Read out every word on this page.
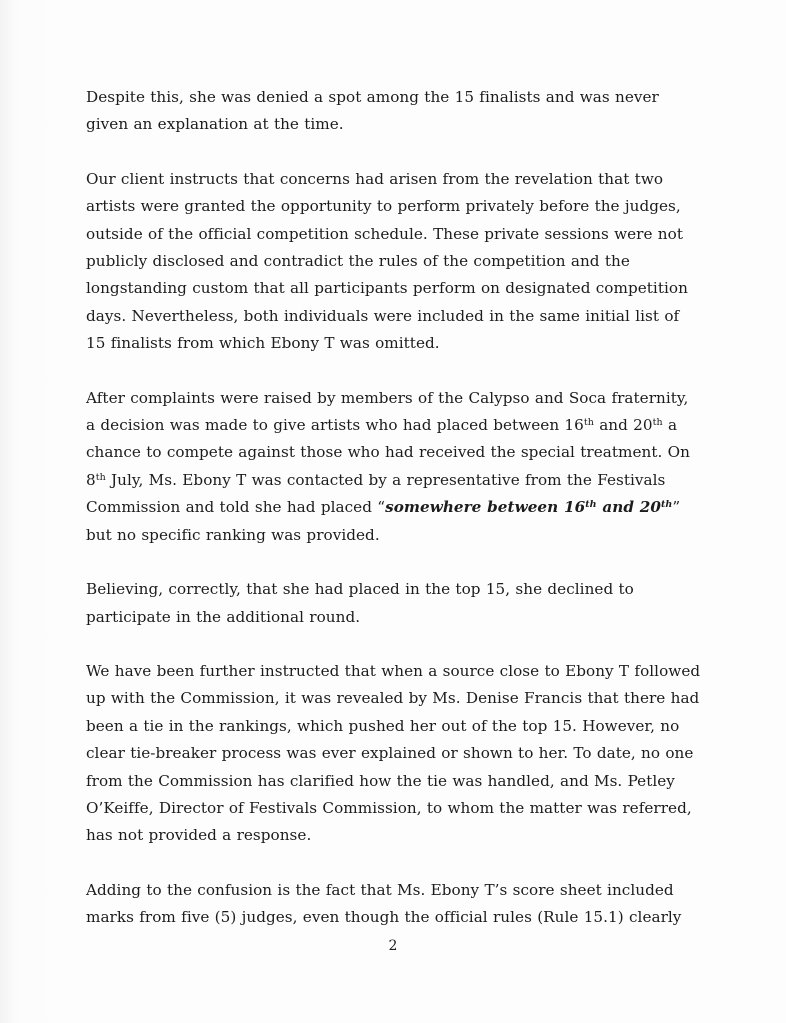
Despite this, she was denied a spot among the 15 finalists and was never given an explanation at the time.

Our client instructs that concerns had arisen from the revelation that two artists were granted the opportunity to perform privately before the judges, outside of the official competition schedule. These private sessions were not publicly disclosed and contradict the rules of the competition and the longstanding custom that all participants perform on designated competition days. Nevertheless, both individuals were included in the same initial list of 15 finalists from which Ebony T was omitted.

After complaints were raised by members of the Calypso and Soca fraternity, a decision was made to give artists who had placed between 16th and 20th a chance to compete against those who had received the special treatment. On 8th July, Ms. Ebony T was contacted by a representative from the Festivals Commission and told she had placed “somewhere between 16th and 20th” but no specific ranking was provided.

Believing, correctly, that she had placed in the top 15, she declined to participate in the additional round.

We have been further instructed that when a source close to Ebony T followed up with the Commission, it was revealed by Ms. Denise Francis that there had been a tie in the rankings, which pushed her out of the top 15. However, no clear tie-breaker process was ever explained or shown to her. To date, no one from the Commission has clarified how the tie was handled, and Ms. Petley O’Keiffe, Director of Festivals Commission, to whom the matter was referred, has not provided a response.

Adding to the confusion is the fact that Ms. Ebony T’s score sheet included marks from five (5) judges, even though the official rules (Rule 15.1) clearly

2
